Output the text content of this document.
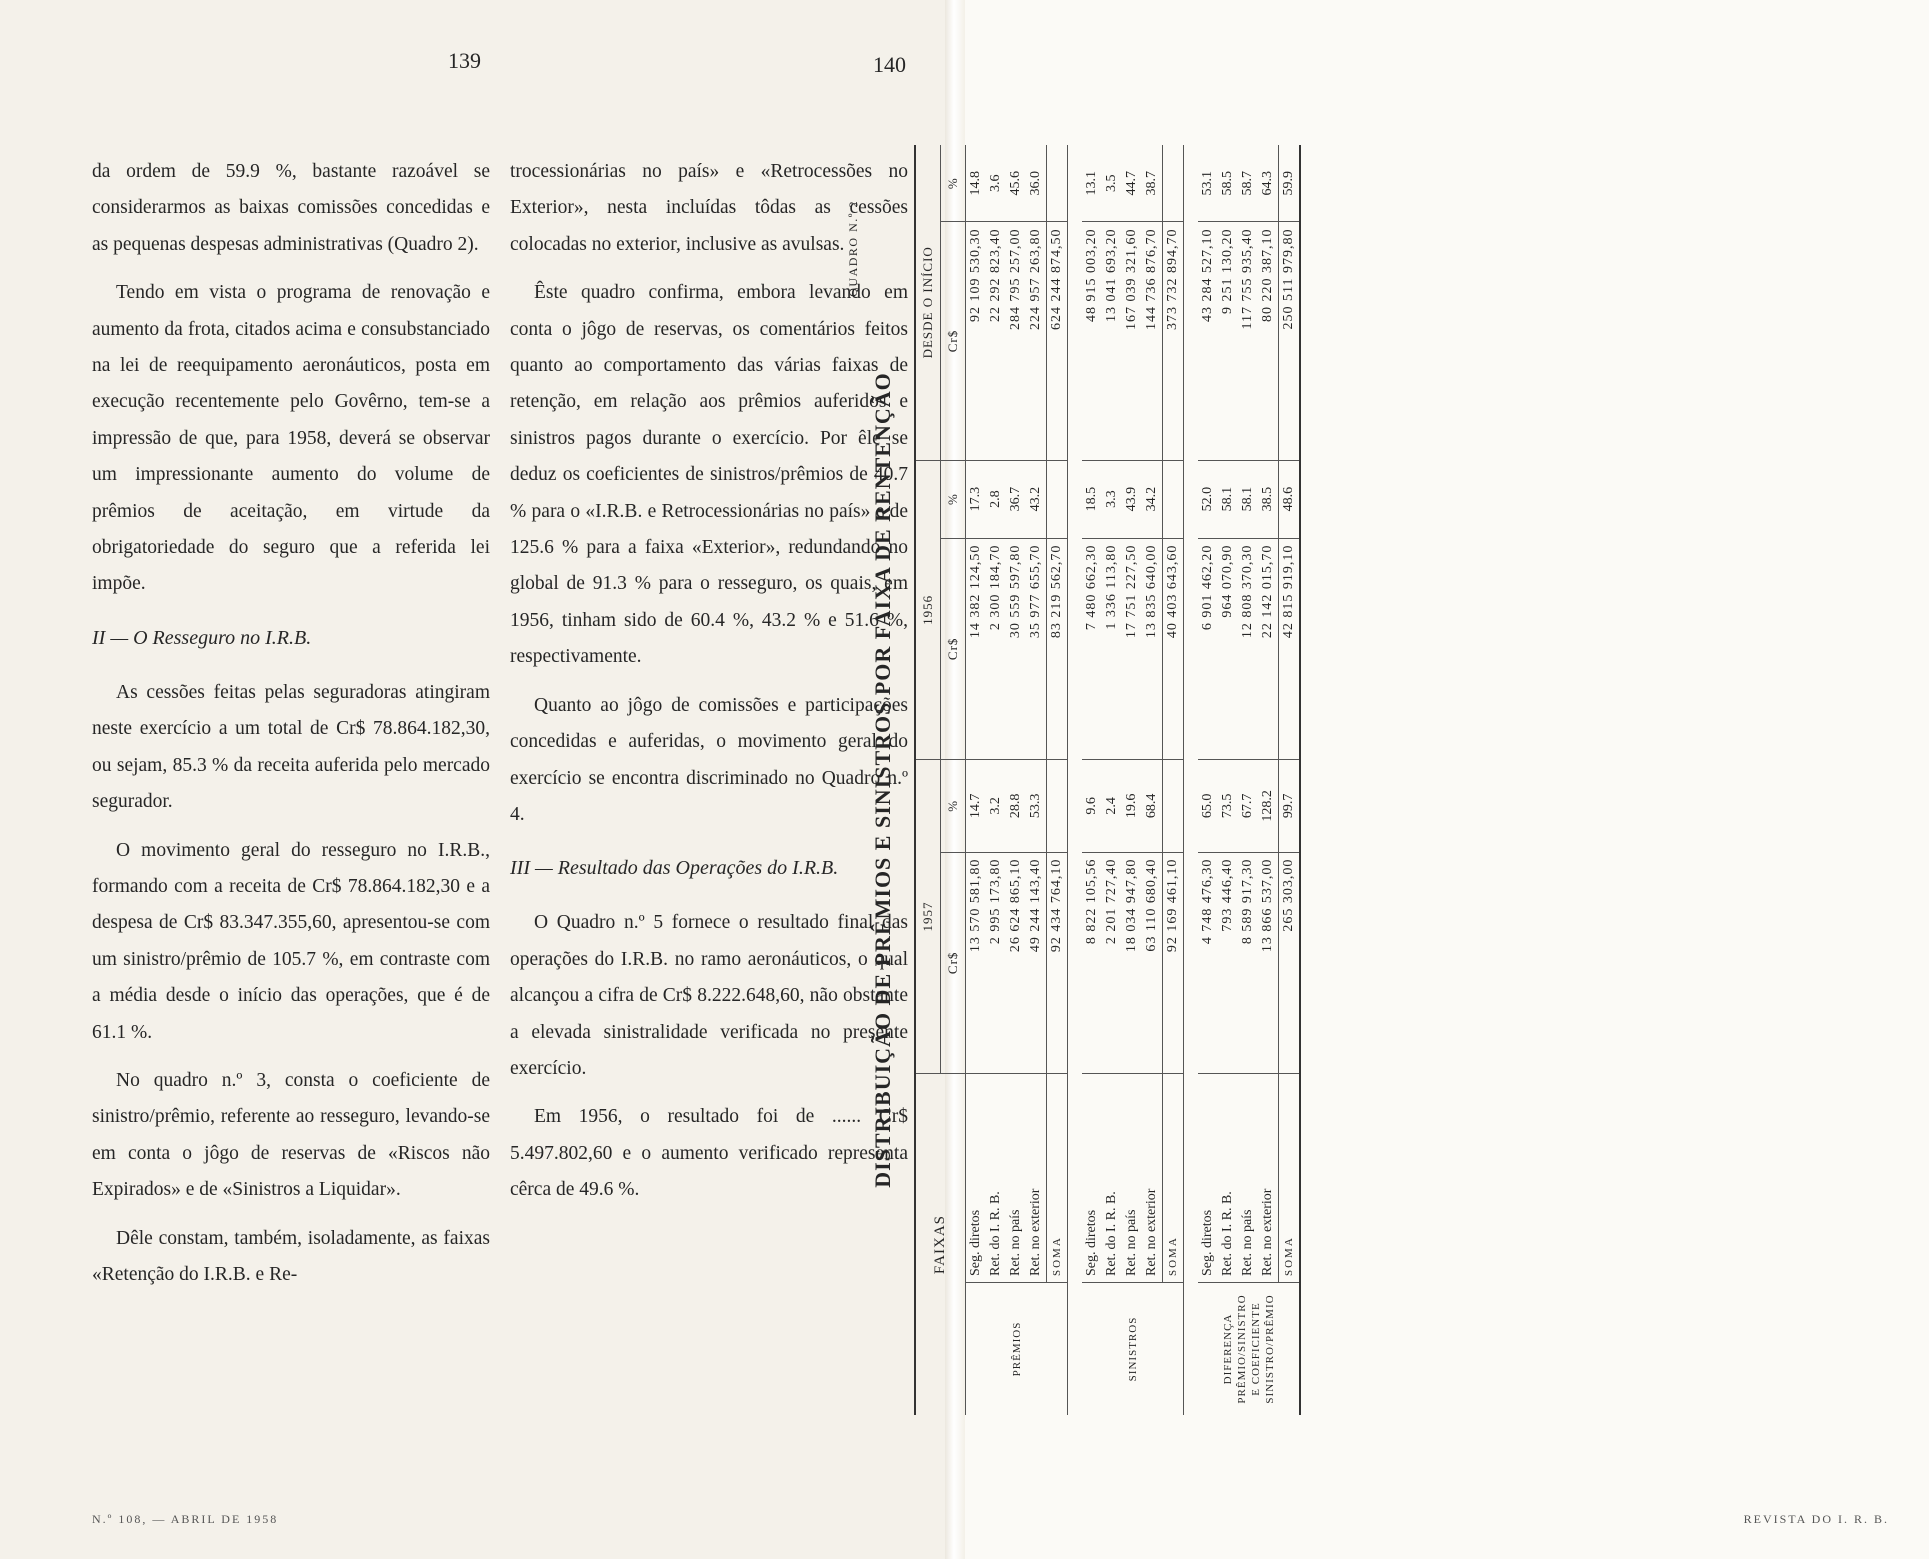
139	140

da ordem de 59.9 %, bastante razoável se considerarmos as baixas comissões concedidas e as pequenas despesas administrativas (Quadro 2).

Tendo em vista o programa de renovação e aumento da frota, citados acima e consubstanciado na lei de reequipamento aeronáuticos, posta em execução recentemente pelo Govêrno, tem-se a impressão de que, para 1958, deverá se observar um impressionante aumento do volume de prêmios de aceitação, em virtude da obrigatoriedade do seguro que a referida lei impõe.

II — O Resseguro no I.R.B.

As cessões feitas pelas seguradoras atingiram neste exercício a um total de Cr$ 78.864.182,30, ou sejam, 85.3 % da receita auferida pelo mercado segurador.

O movimento geral do resseguro no I.R.B., formando com a receita de Cr$ 78.864.182,30 e a despesa de Cr$ 83.347.355,60, apresentou-se com um sinistro/prêmio de 105.7 %, em contraste com a média desde o início das operações, que é de 61.1 %.

No quadro n.º 3, consta o coeficiente de sinistro/prêmio, referente ao resseguro, levando-se em conta o jôgo de reservas de «Riscos não Expirados» e de «Sinistros a Liquidar».

Dêle constam, também, isoladamente, as faixas «Retenção do I.R.B. e Re-

trocessionárias no país» e «Retrocessões no Exterior», nesta incluídas tôdas as cessões colocadas no exterior, inclusive as avulsas.

Êste quadro confirma, embora levando em conta o jôgo de reservas, os comentários feitos quanto ao comportamento das várias faixas de retenção, em relação aos prêmios auferidos e sinistros pagos durante o exercício. Por êle se deduz os coeficientes de sinistros/prêmios de 40.7 % para o «I.R.B. e Retrocessionárias no país» e de 125.6 % para a faixa «Exterior», redundando no global de 91.3 % para o resseguro, os quais, em 1956, tinham sido de 60.4 %, 43.2 % e 51.6 %, respectivamente.

Quanto ao jôgo de comissões e participações concedidas e auferidas, o movimento geral do exercício se encontra discriminado no Quadro n.º 4.

III — Resultado das Operações do I.R.B.

O Quadro n.º 5 fornece o resultado final das operações do I.R.B. no ramo aeronáuticos, o qual alcançou a cifra de Cr$ 8.222.648,60, não obstante a elevada sinistralidade verificada no presente exercício.

Em 1956, o resultado foi de ...... Cr$ 5.497.802,60 e o aumento verificado representa cêrca de 49.6 %.

N.º 108, — ABRIL DE 1958	REVISTA DO I. R. B.
QUADRO N.º 2
DISTRIBUIÇÃO DE PRÊMIOS E SINISTROS POR FAIXA DE RENTENÇÃO
FAIXAS		1957		1956		DESDE O INÍCIO	
		Cr$	%	Cr$	%	Cr$	%
PRÊMIOS	Seg. diretos	13 570 581,80	14.7	14 382 124,50	17.3	92 109 530,30	14.8
	Ret. do I. R. B.	2 995 173,80	3.2	2 300 184,70	2.8	22 292 823,40	3.6
	Ret. no país	26 624 865,10	28.8	30 559 597,80	36.7	284 795 257,00	45.6
	Ret. no exterior	49 244 143,40	53.3	35 977 655,70	43.2	224 957 263,80	36.0
	SOMA	92 434 764,10		83 219 562,70		624 244 874,50	

SINISTROS	Seg. diretos	8 822 105,56	9.6	7 480 662,30	18.5	48 915 003,20	13.1
	Ret. do I. R. B.	2 201 727,40	2.4	1 336 113,80	3.3	13 041 693,20	3.5
	Ret. no país	18 034 947,80	19.6	17 751 227,50	43.9	167 039 321,60	44.7
	Ret. no exterior	63 110 680,40	68.4	13 835 640,00	34.2	144 736 876,70	38.7
	SOMA	92 169 461,10		40 403 643,60		373 732 894,70	

DIFERENÇA PRÊMIO/SINISTRO E COEFICIENTE SINISTRO/PRÊMIO	Seg. diretos	4 748 476,30	65.0	6 901 462,20	52.0	43 284 527,10	53.1
	Ret. do I. R. B.	793 446,40	73.5	964 070,90	58.1	9 251 130,20	58.5
	Ret. no país	8 589 917,30	67.7	12 808 370,30	58.1	117 755 935,40	58.7
	Ret. no exterior	13 866 537,00	128.2	22 142 015,70	38.5	80 220 387,10	64.3
	SOMA	265 303,00	99.7	42 815 919,10	48.6	250 511 979,80	59.9
